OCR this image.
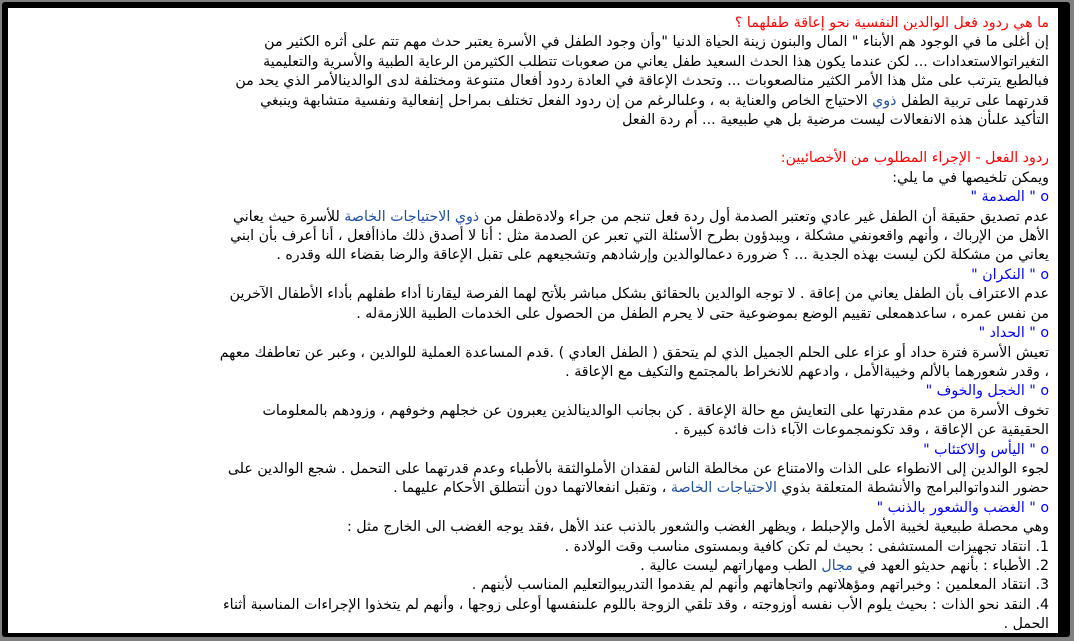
ما هي ردود فعل الوالدين النفسية نحو إعاقة طفلهما ؟
إن أغلى ما في الوجود هم الأبناء " المال والبنون زينة الحياة الدنيا "وأن وجود الطفل في الأسرة يعتبر حدث مهم تتم على أثره الكثير من
التغيراتوالاستعدادات ... لكن عندما يكون هذا الحدث السعيد طفل يعاني من صعوبات تتطلب الكثيرمن الرعاية الطبية والأسرية والتعليمية
فبالطبع يترتب على مثل هذا الأمر الكثير منالصعوبات ... وتحدث الإعاقة في العادة ردود أفعال متنوعة ومختلفة لدى الوالدينالأمر الذي يحد من
قدرتهما على تربية الطفل ذوي الاحتياج الخاص والعناية به ، وعلىالرغم من إن ردود الفعل تختلف بمراحل إنفعالية ونفسية متشابهة وينبغي
التأكيد علىأن هذه الانفعالات ليست مرضية بل هي طبيعية ... أم ردة الفعل
ردود الفعل - الإجراء المطلوب من الأخصائيين:
ويمكن تلخيصها في ما يلي:
o " الصدمة "
عدم تصديق حقيقة أن الطفل غير عادي وتعتبر الصدمة أول ردة فعل تنجم من جراء ولادةطفل من ذوي الاحتياجات الخاصة للأسرة حيث يعاني
الأهل من الإرباك ، وأنهم واقعونفي مشكلة ، ويبدؤون بطرح الأسئلة التي تعبر عن الصدمة مثل : أنا لا أصدق ذلك ماذاأفعل ، أنا أعرف بأن ابني
يعاني من مشكلة لكن ليست بهذه الجدية ... ؟ ضرورة دعمالوالدين وإرشادهم وتشجيعهم على تقبل الإعاقة والرضا بقضاء الله وقدره .
o " النكران "
عدم الاعتراف بأن الطفل يعاني من إعاقة . لا توجه الوالدين بالحقائق بشكل مباشر بلأتح لهما الفرصة ليقارنا أداء طفلهم بأداء الأطفال الآخرين
من نفس عمره ، ساعدهمعلى تقييم الوضع بموضوعية حتى لا يحرم الطفل من الحصول على الخدمات الطبية اللازمةله .
o " الحداد "
تعيش الأسرة فترة حداد أو عزاء على الحلم الجميل الذي لم يتحقق ( الطفل العادي ) .قدم المساعدة العملية للوالدين ، وعبر عن تعاطفك معهم
، وقدر شعورهما بالألم وخيبةالأمل ، وادعهم للانخراط بالمجتمع والتكيف مع الإعاقة .
o " الخجل والخوف "
تخوف الأسرة من عدم مقدرتها على التعايش مع حالة الإعاقة . كن بجانب الوالدينالذين يعبرون عن خجلهم وخوفهم ، وزودهم بالمعلومات
الحقيقية عن الإعاقة ، وقد تكونمجموعات الآباء ذات فائدة كبيرة .
o " اليأس والاكتئاب "
لجوء الوالدين إلى الانطواء على الذات والامتناع عن مخالطة الناس لفقدان الأملوالثقة بالأطباء وعدم قدرتهما على التحمل . شجع الوالدين على
حضور الندواتوالبرامج والأنشطة المتعلقة بذوي الاحتياجات الخاصة ، وتقبل انفعالاتهما دون أنتطلق الأحكام عليهما .
o " الغضب والشعور بالذنب "
وهي محصلة طبيعية لخيبة الأمل والإحبلط ، ويظهر الغضب والشعور بالذنب عند الأهل ،فقد يوجه الغضب الى الخارج مثل :
1. انتقاد تجهيزات المستشفى : بحيث لم تكن كافية وبمستوى مناسب وقت الولادة .
2. الأطباء : بأنهم حديثو العهد في مجال الطب ومهاراتهم ليست عالية .
3. انتقاد المعلمين : وخبراتهم ومؤهلاتهم واتجاهاتهم وأنهم لم يقدموا التدريبوالتعليم المناسب لأبنهم .
4. النقد نحو الذات : بحيث يلوم الأب نفسه أوزوجته ، وقد تلقي الزوجة باللوم علىنفسها أوعلى زوجها ، وأنهم لم يتخذوا الإجراءات المناسبة أثناء
الحمل .
